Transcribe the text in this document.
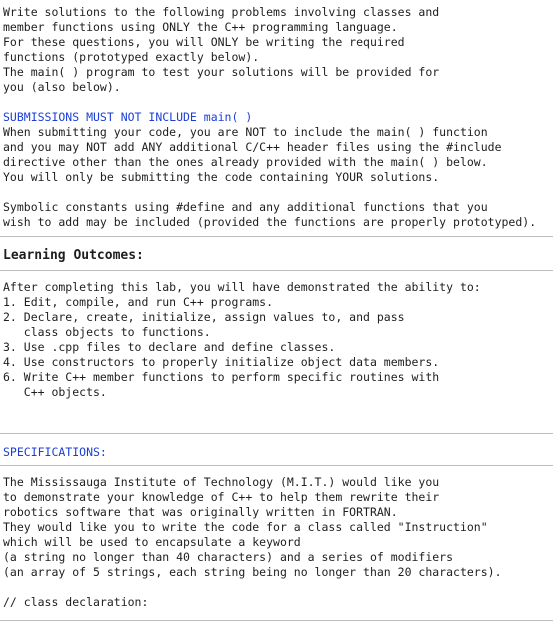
Write solutions to the following problems involving classes and
member functions using ONLY the C++ programming language.
For these questions, you will ONLY be writing the required
functions (prototyped exactly below).
The main( ) program to test your solutions will be provided for
you (also below).
SUBMISSIONS MUST NOT INCLUDE main( )
When submitting your code, you are NOT to include the main( ) function
and you may NOT add ANY additional C/C++ header files using the #include
directive other than the ones already provided with the main( ) below.
You will only be submitting the code containing YOUR solutions.
Symbolic constants using #define and any additional functions that you
wish to add may be included (provided the functions are properly prototyped).
Learning Outcomes:
After completing this lab, you will have demonstrated the ability to:
1. Edit, compile, and run C++ programs.
2. Declare, create, initialize, assign values to, and pass
class objects to functions.
3. Use .cpp files to declare and define classes.
4. Use constructors to properly initialize object data members.
6. Write C++ member functions to perform specific routines with
C++ objects.
SPECIFICATIONS:
The Mississauga Institute of Technology (M.I.T.) would like you
to demonstrate your knowledge of C++ to help them rewrite their
robotics software that was originally written in FORTRAN.
They would like you to write the code for a class called "Instruction"
which will be used to encapsulate a keyword
(a string no longer than 40 characters) and a series of modifiers
(an array of 5 strings, each string being no longer than 20 characters).
// class declaration:
